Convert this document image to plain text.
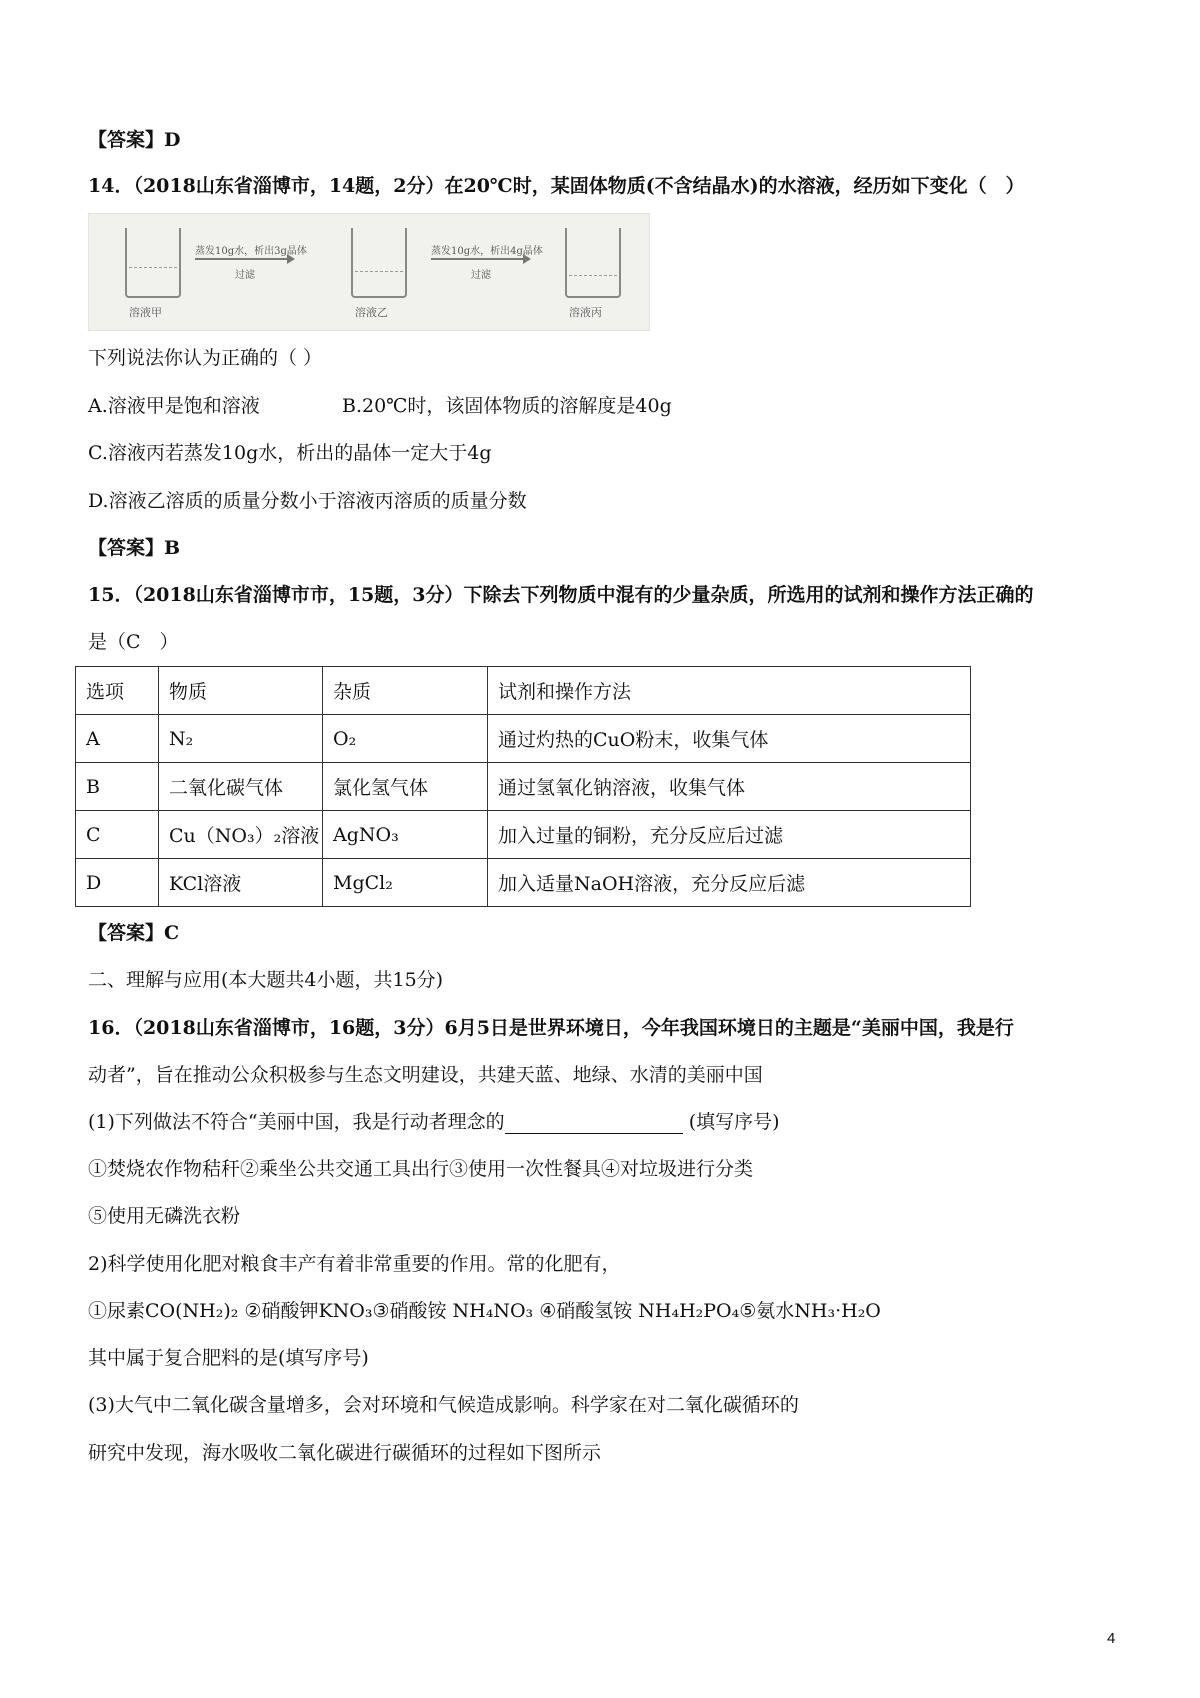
【答案】D
14．（2018山东省淄博市，14题，2分）在20℃时，某固体物质(不含结晶水)的水溶液，经历如下变化（　）
溶液甲
蒸发10g水，析出3g晶体
过滤
溶液乙
蒸发10g水，析出4g晶体
过滤
溶液丙
下列说法你认为正确的（ ）
A.溶液甲是饱和溶液	B.20℃时，该固体物质的溶解度是40g
C.溶液丙若蒸发10g水，析出的晶体一定大于4g
D.溶液乙溶质的质量分数小于溶液丙溶质的质量分数
【答案】B
15．（2018山东省淄博市市，15题，3分）下除去下列物质中混有的少量杂质，所选用的试剂和操作方法正确的
是（C　）
选项	物质	杂质	试剂和操作方法
A	N₂	O₂	通过灼热的CuO粉末，收集气体
B	二氧化碳气体	氯化氢气体	通过氢氧化钠溶液，收集气体
C	Cu（NO₃）₂溶液	AgNO₃	加入过量的铜粉，充分反应后过滤
D	KCl溶液	MgCl₂	加入适量NaOH溶液，充分反应后滤
【答案】C
二、理解与应用(本大题共4小题，共15分)
16．（2018山东省淄博市，16题，3分）6月5日是世界环境日，今年我国环境日的主题是“美丽中国，我是行
动者”，旨在推动公众积极参与生态文明建设，共建天蓝、地绿、水清的美丽中国
(1)下列做法不符合“美丽中国，我是行动者理念的	(填写序号)
①焚烧农作物秸秆②乘坐公共交通工具出行③使用一次性餐具④对垃圾进行分类
⑤使用无磷洗衣粉
2)科学使用化肥对粮食丰产有着非常重要的作用。常的化肥有，
①尿素CO(NH₂)₂ ②硝酸钾KNO₃③硝酸铵 NH₄NO₃ ④硝酸氢铵 NH₄H₂PO₄⑤氨水NH₃·H₂O
其中属于复合肥料的是(填写序号)
(3)大气中二氧化碳含量增多，会对环境和气候造成影响。科学家在对二氧化碳循环的
研究中发现，海水吸收二氧化碳进行碳循环的过程如下图所示
4
